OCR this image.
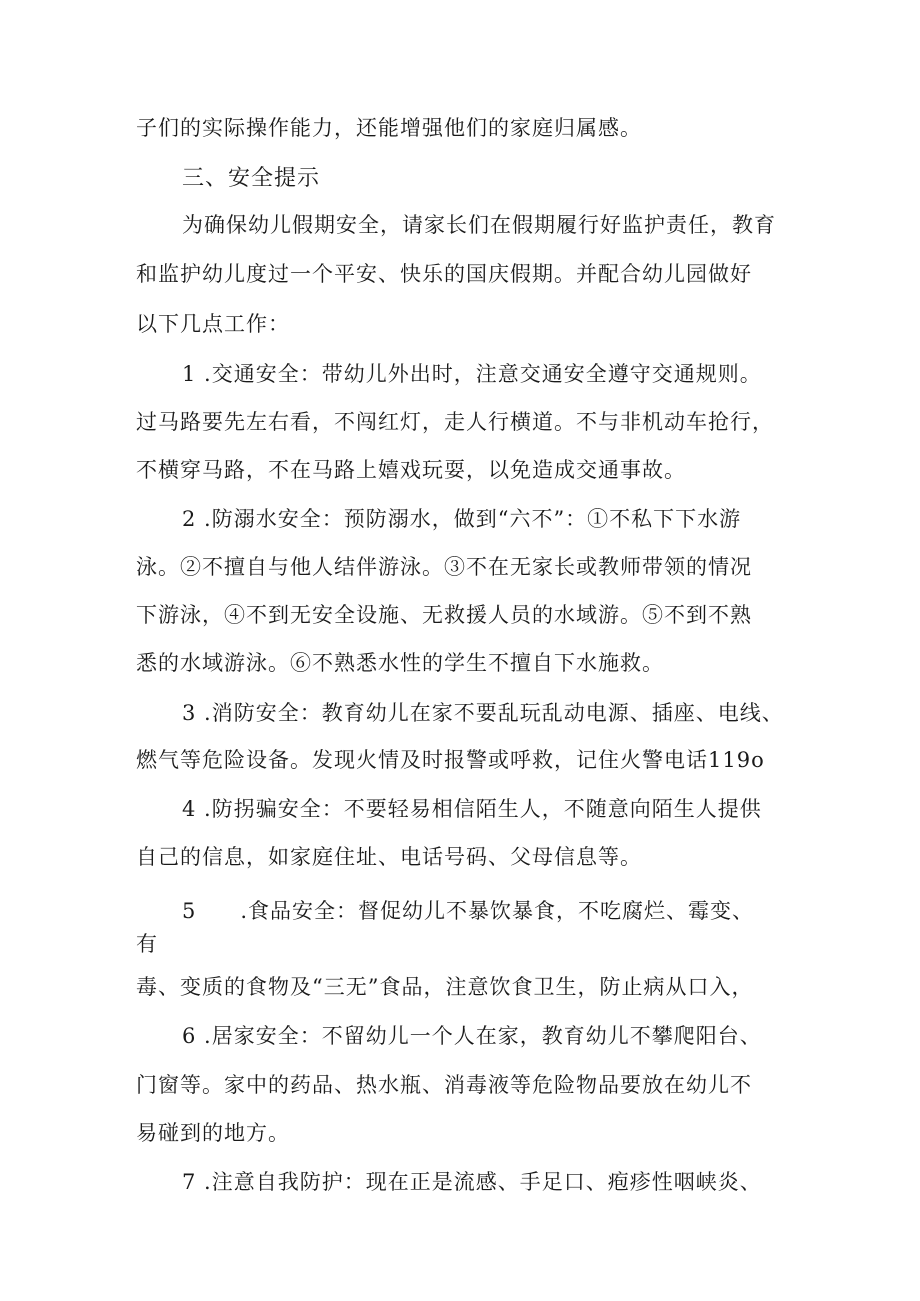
子们的实际操作能力，还能增强他们的家庭归属感。
三、安全提示
为确保幼儿假期安全，请家长们在假期履行好监护责任，教育
和监护幼儿度过一个平安、快乐的国庆假期。并配合幼儿园做好
以下几点工作：
1 .交通安全：带幼儿外出时，注意交通安全遵守交通规则。
过马路要先左右看，不闯红灯，走人行横道。不与非机动车抢行，
不横穿马路，不在马路上嬉戏玩耍，以免造成交通事故。
2 .防溺水安全：预防溺水，做到“六不”：①不私下下水游
泳。②不擅自与他人结伴游泳。③不在无家长或教师带领的情况
下游泳，④不到无安全设施、无救援人员的水域游。⑤不到不熟
悉的水域游泳。⑥不熟悉水性的学生不擅自下水施救。
3 .消防安全：教育幼儿在家不要乱玩乱动电源、插座、电线、
燃气等危险设备。发现火情及时报警或呼救，记住火警电话119o
4 .防拐骗安全：不要轻易相信陌生人，不随意向陌生人提供
自己的信息，如家庭住址、电话号码、父母信息等。
5　　.食品安全：督促幼儿不暴饮暴食，不吃腐烂、霉变、
有
毒、变质的食物及“三无”食品，注意饮食卫生，防止病从口入，
6 .居家安全：不留幼儿一个人在家，教育幼儿不攀爬阳台、
门窗等。家中的药品、热水瓶、消毒液等危险物品要放在幼儿不
易碰到的地方。
7 .注意自我防护：现在正是流感、手足口、疱疹性咽峡炎、
